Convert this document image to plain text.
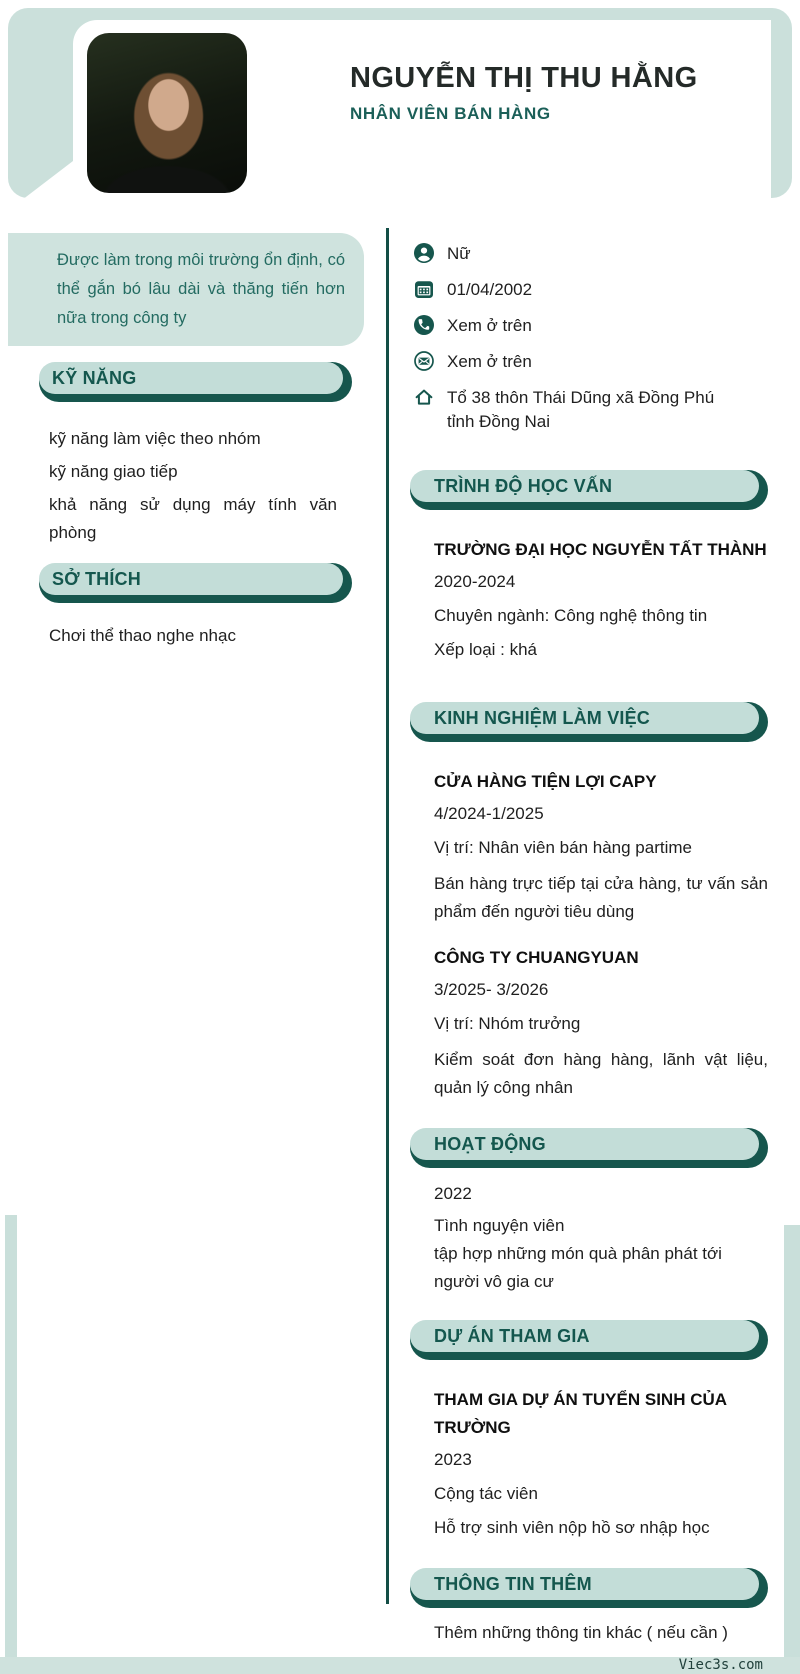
NGUYỄN THỊ THU HẰNG
NHÂN VIÊN BÁN HÀNG
Được làm trong môi trường ổn định, có thể gắn bó lâu dài và thăng tiến hơn nữa trong công ty
KỸ NĂNG

kỹ năng làm việc theo nhóm

kỹ năng giao tiếp

khả năng sử dụng máy tính văn phòng

SỞ THÍCH

Chơi thể thao nghe nhạc

Nữ
01/04/2002
Xem ở trên
Xem ở trên
Tổ 38 thôn Thái Dũng xã Đồng Phú tỉnh Đồng Nai
TRÌNH ĐỘ HỌC VẤN

TRƯỜNG ĐẠI HỌC NGUYỄN TẤT THÀNH

2020-2024

Chuyên ngành: Công nghệ thông tin

Xếp loại : khá

KINH NGHIỆM LÀM VIỆC

CỬA HÀNG TIỆN LỢI CAPY

4/2024-1/2025

Vị trí: Nhân viên bán hàng partime

Bán hàng trực tiếp tại cửa hàng, tư vấn sản phẩm đến người tiêu dùng

CÔNG TY CHUANGYUAN

3/2025- 3/2026

Vị trí: Nhóm trưởng

Kiểm soát đơn hàng hàng, lãnh vật liệu, quản lý công nhân

HOẠT ĐỘNG

2022

Tình nguyện viên

tập hợp những món quà phân phát tới người vô gia cư

DỰ ÁN THAM GIA

THAM GIA DỰ ÁN TUYỂN SINH CỦA TRƯỜNG

2023

Cộng tác viên

Hỗ trợ sinh viên nộp hồ sơ nhập học

THÔNG TIN THÊM

Thêm những thông tin khác ( nếu cần )

Viec3s.com
